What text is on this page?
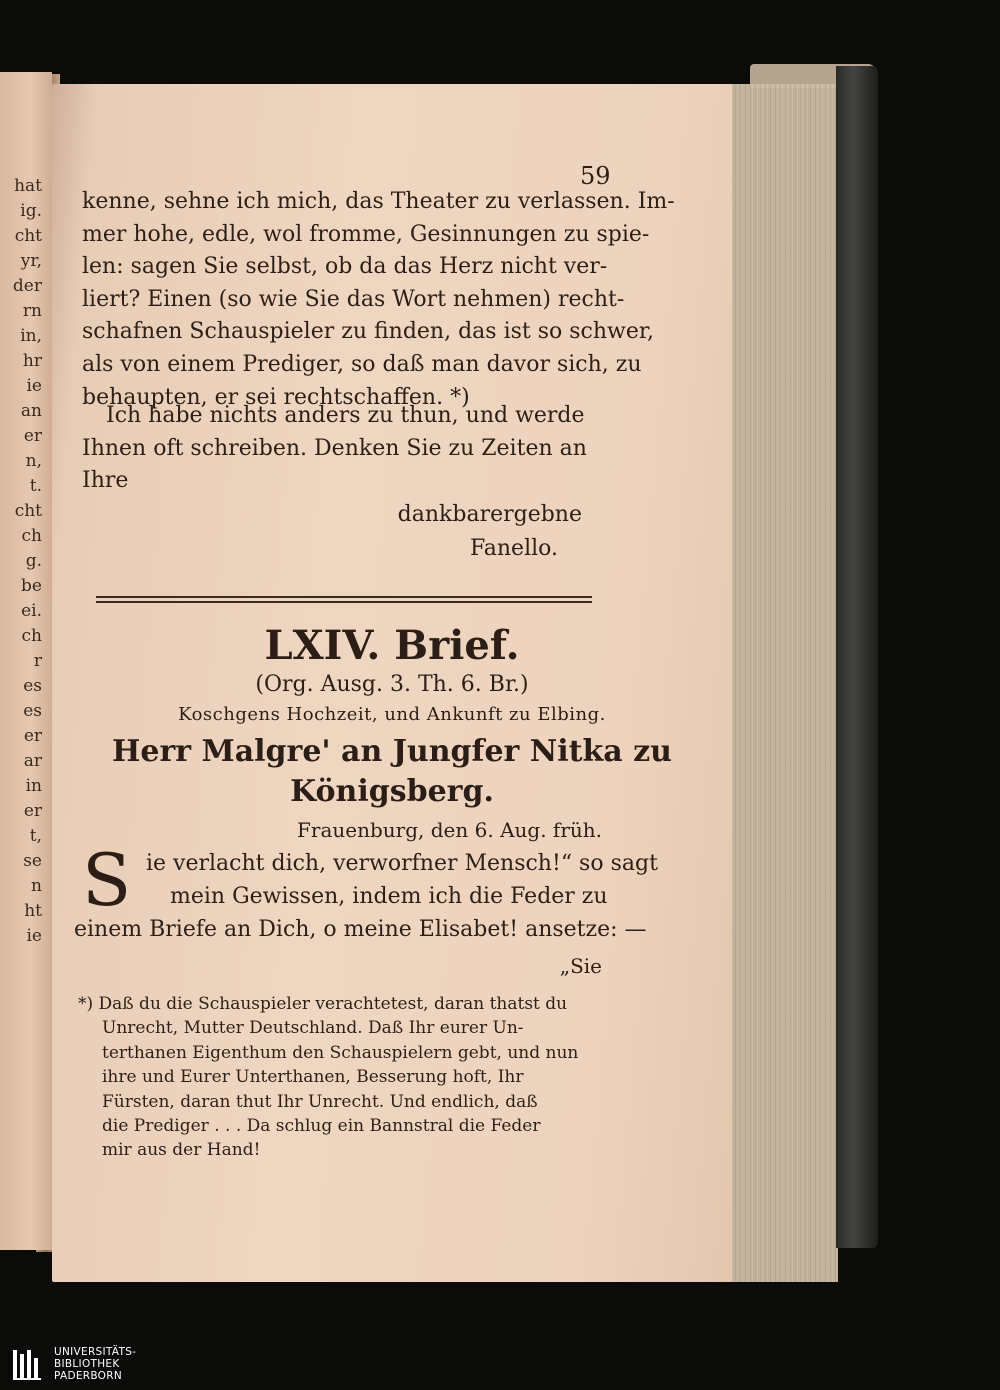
hat
ig.
cht
yr,
der
rn
in,
hr
ie
an
er
n,
t.
cht
ch
g.
be
ei.
ch
r
es
es
er
ar
in
er
t,
se
n
ht
ie
59
kenne, sehne ich mich, das Theater zu verlassen. Im-
mer hohe, edle, wol fromme, Gesinnungen zu spie-
len: sagen Sie selbst, ob da das Herz nicht ver-
liert? Einen (so wie Sie das Wort nehmen) recht-
schafnen Schauspieler zu finden, das ist so schwer,
als von einem Prediger, so daß man davor sich, zu
behaupten, er sei rechtschaffen. *)
Ich habe nichts anders zu thun, und werde
Ihnen oft schreiben. Denken Sie zu Zeiten an
Ihre
dankbarergebne
Fanello.
LXIV. Brief.
(Org. Ausg. 3. Th. 6. Br.)
Koschgens Hochzeit, und Ankunft zu Elbing.
Herr Malgre' an Jungfer Nitka zu
Königsberg.
Frauenburg, den 6. Aug. früh.
S ie verlacht dich, verworfner Mensch!“ so sagt
mein Gewissen, indem ich die Feder zu
einem Briefe an Dich, o meine Elisabet! ansetze: —
„Sie
*) Daß du die Schauspieler verachtetest, daran thatst du
Unrecht, Mutter Deutschland. Daß Ihr eurer Un-
terthanen Eigenthum den Schauspielern gebt, und nun
ihre und Eurer Unterthanen, Besserung hoft, Ihr
Fürsten, daran thut Ihr Unrecht. Und endlich, daß
die Prediger . . . Da schlug ein Bannstral die Feder
mir aus der Hand!
UNIVERSITÄTS-
BIBLIOTHEK
PADERBORN
